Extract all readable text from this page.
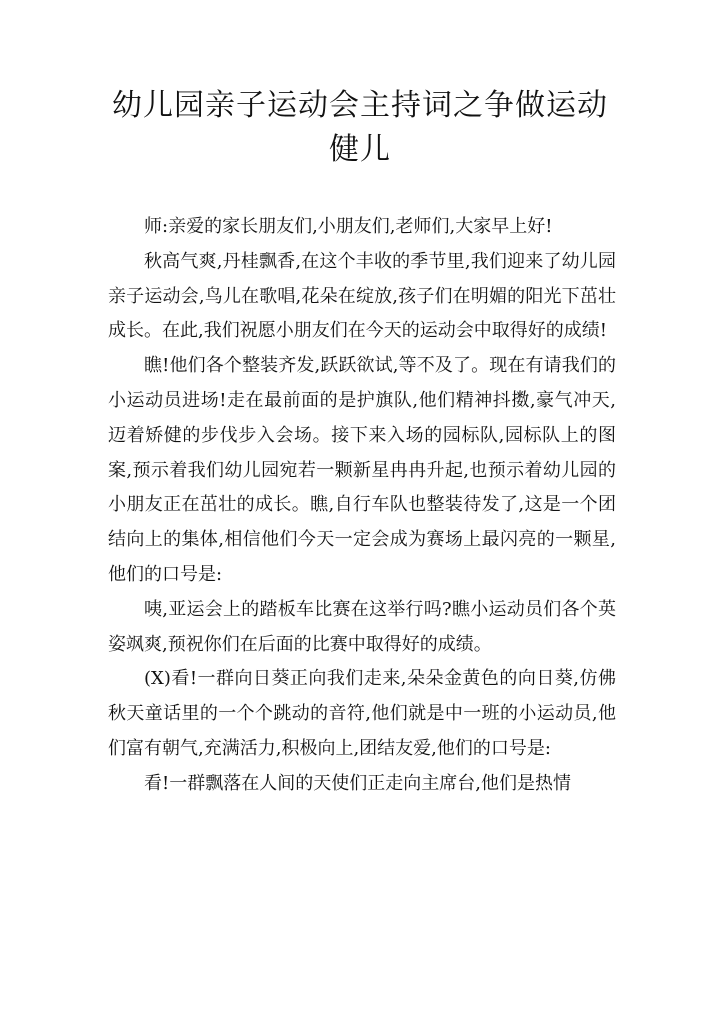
幼儿园亲子运动会主持词之争做运动健儿

师:亲爱的家长朋友们,小朋友们,老师们,大家早上好!

秋高气爽,丹桂飘香,在这个丰收的季节里,我们迎来了幼儿园亲子运动会,鸟儿在歌唱,花朵在绽放,孩子们在明媚的阳光下茁壮成长。在此,我们祝愿小朋友们在今天的运动会中取得好的成绩!

瞧!他们各个整装齐发,跃跃欲试,等不及了。现在有请我们的小运动员进场!走在最前面的是护旗队,他们精神抖擞,豪气冲天,迈着矫健的步伐步入会场。接下来入场的园标队,园标队上的图案,预示着我们幼儿园宛若一颗新星冉冉升起,也预示着幼儿园的小朋友正在茁壮的成长。瞧,自行车队也整装待发了,这是一个团结向上的集体,相信他们今天一定会成为赛场上最闪亮的一颗星,他们的口号是:

咦,亚运会上的踏板车比赛在这举行吗?瞧小运动员们各个英姿飒爽,预祝你们在后面的比赛中取得好的成绩。

(X)看!一群向日葵正向我们走来,朵朵金黄色的向日葵,仿佛秋天童话里的一个个跳动的音符,他们就是中一班的小运动员,他们富有朝气,充满活力,积极向上,团结友爱,他们的口号是:

看!一群飘落在人间的天使们正走向主席台,他们是热情
